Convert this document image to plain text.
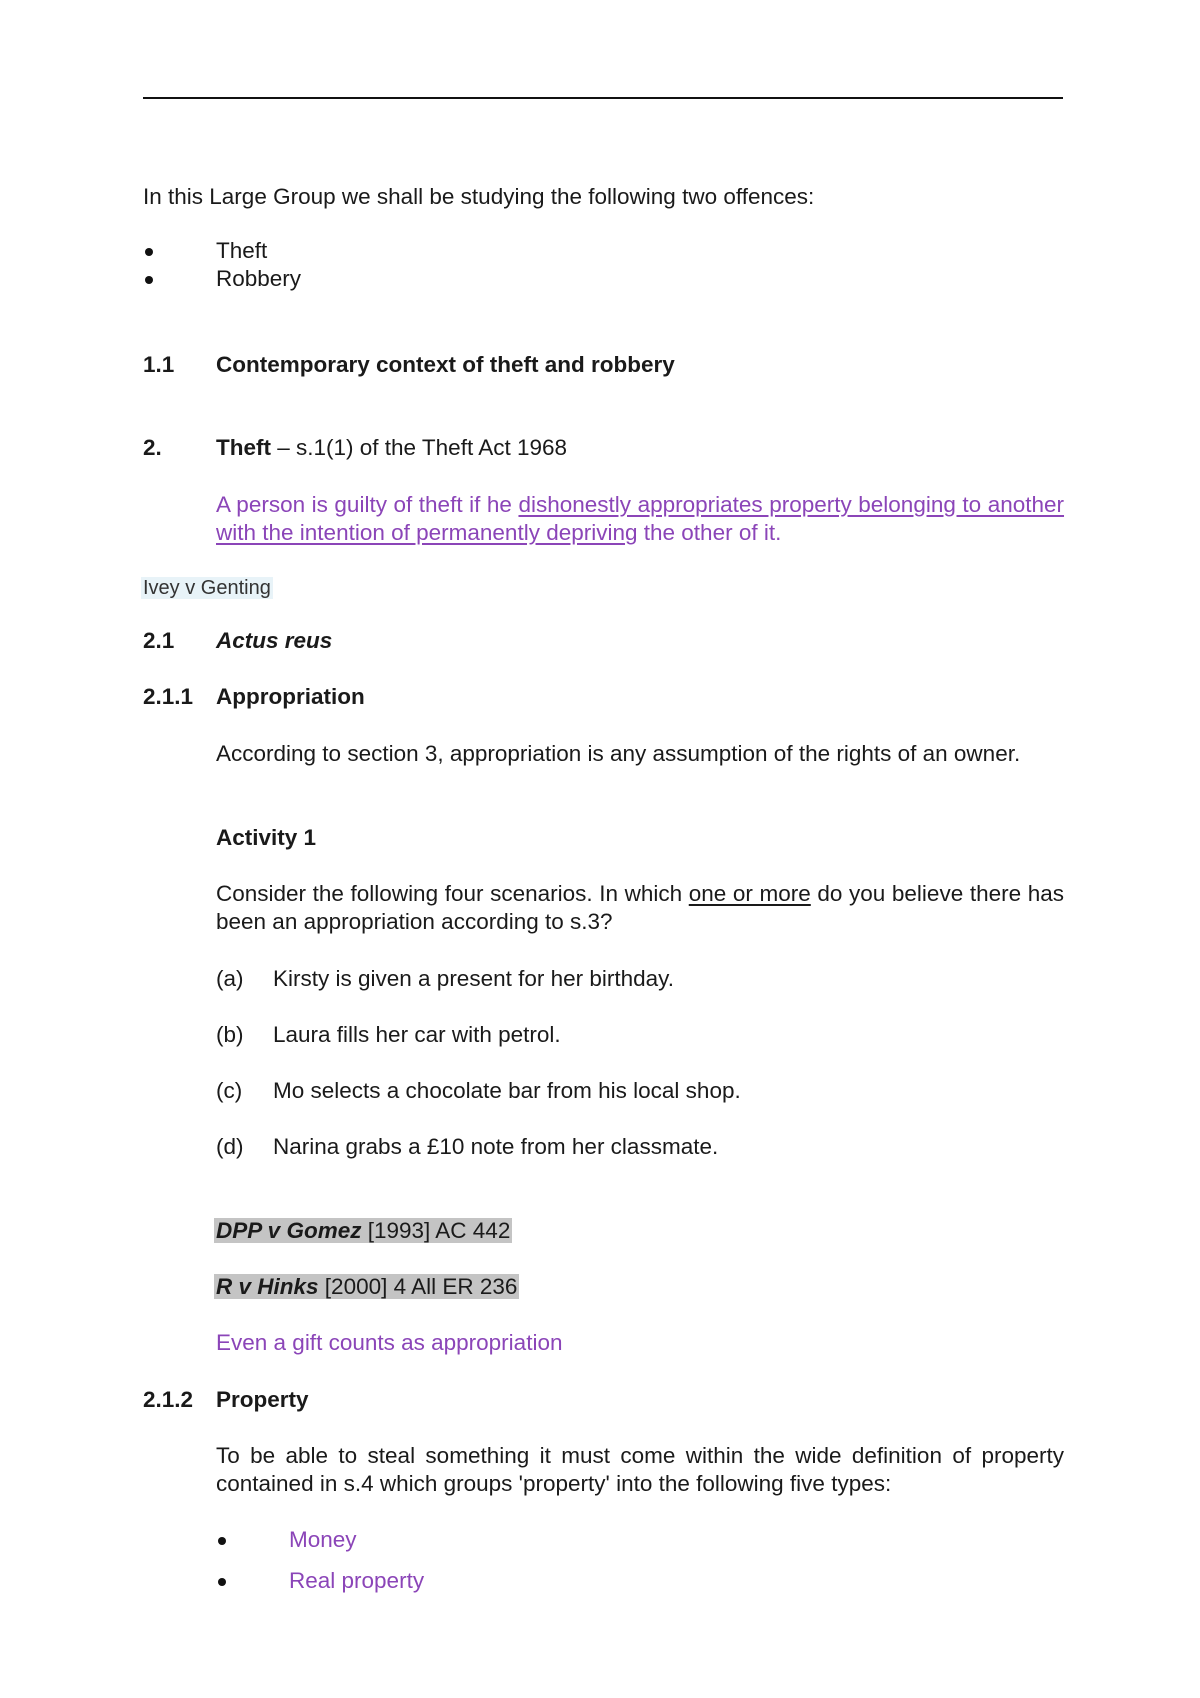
In this Large Group we shall be studying the following two offences:
Theft
Robbery
1.1 Contemporary context of theft and robbery
2. Theft – s.1(1) of the Theft Act 1968
A person is guilty of theft if he dishonestly appropriates property belonging to another with the intention of permanently depriving the other of it.
Ivey v Genting
2.1 Actus reus
2.1.1 Appropriation
According to section 3, appropriation is any assumption of the rights of an owner.
Activity 1
Consider the following four scenarios. In which one or more do you believe there has been an appropriation according to s.3?
(a) Kirsty is given a present for her birthday.
(b) Laura fills her car with petrol.
(c) Mo selects a chocolate bar from his local shop.
(d) Narina grabs a £10 note from her classmate.
DPP v Gomez [1993] AC 442
R v Hinks [2000] 4 All ER 236
Even a gift counts as appropriation
2.1.2 Property
To be able to steal something it must come within the wide definition of property contained in s.4 which groups 'property' into the following five types:
Money
Real property
